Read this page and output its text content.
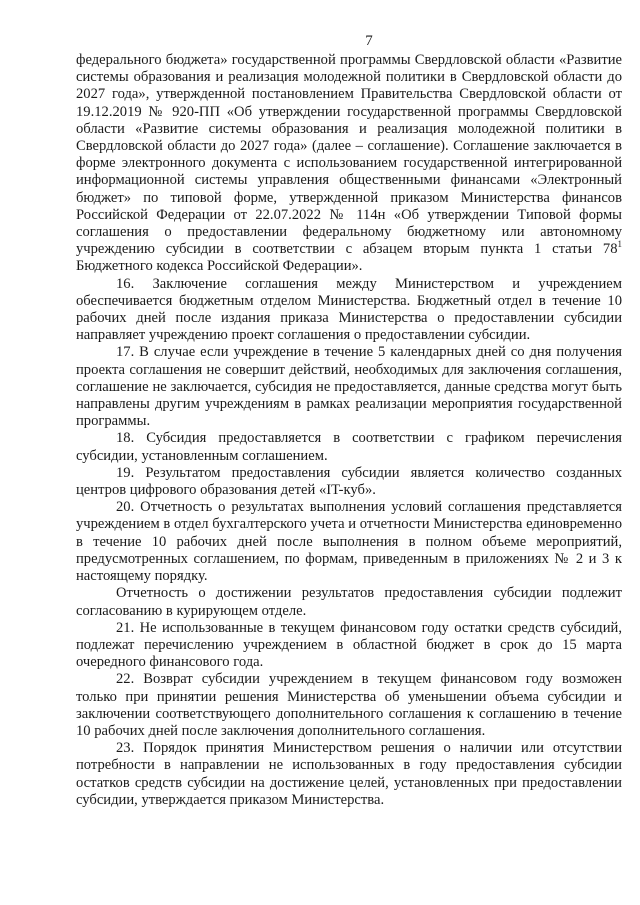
7

федерального бюджета» государственной программы Свердловской области «Развитие системы образования и реализация молодежной политики в Свердловской области до 2027 года», утвержденной постановлением Правительства Свердловской области от 19.12.2019 № 920-ПП «Об утверждении государственной программы Свердловской области «Развитие системы образования и реализация молодежной политики в Свердловской области до 2027 года» (далее – соглашение). Соглашение заключается в форме электронного документа с использованием государственной интегрированной информационной системы управления общественными финансами «Электронный бюджет» по типовой форме, утвержденной приказом Министерства финансов Российской Федерации от 22.07.2022 № 114н «Об утверждении Типовой формы соглашения о предоставлении федеральному бюджетному или автономному учреждению субсидии в соответствии с абзацем вторым пункта 1 статьи $78^1$ Бюджетного кодекса Российской Федерации».

16. Заключение соглашения между Министерством и учреждением обеспечивается бюджетным отделом Министерства. Бюджетный отдел в течение 10 рабочих дней после издания приказа Министерства о предоставлении субсидии направляет учреждению проект соглашения о предоставлении субсидии.

17. В случае если учреждение в течение 5 календарных дней со дня получения проекта соглашения не совершит действий, необходимых для заключения соглашения, соглашение не заключается, субсидия не предоставляется, данные средства могут быть направлены другим учреждениям в рамках реализации мероприятия государственной программы.

18. Субсидия предоставляется в соответствии с графиком перечисления субсидии, установленным соглашением.

19. Результатом предоставления субсидии является количество созданных центров цифрового образования детей «IT-куб».

20. Отчетность о результатах выполнения условий соглашения представляется учреждением в отдел бухгалтерского учета и отчетности Министерства единовременно в течение 10 рабочих дней после выполнения в полном объеме мероприятий, предусмотренных соглашением, по формам, приведенным в приложениях № 2 и 3 к настоящему порядку.

Отчетность о достижении результатов предоставления субсидии подлежит согласованию в курирующем отделе.

21. Не использованные в текущем финансовом году остатки средств субсидий, подлежат перечислению учреждением в областной бюджет в срок до 15 марта очередного финансового года.

22. Возврат субсидии учреждением в текущем финансовом году возможен только при принятии решения Министерства об уменьшении объема субсидии и заключении соответствующего дополнительного соглашения к соглашению в течение 10 рабочих дней после заключения дополнительного соглашения.

23. Порядок принятия Министерством решения о наличии или отсутствии потребности в направлении не использованных в году предоставления субсидии остатков средств субсидии на достижение целей, установленных при предоставлении субсидии, утверждается приказом Министерства.
